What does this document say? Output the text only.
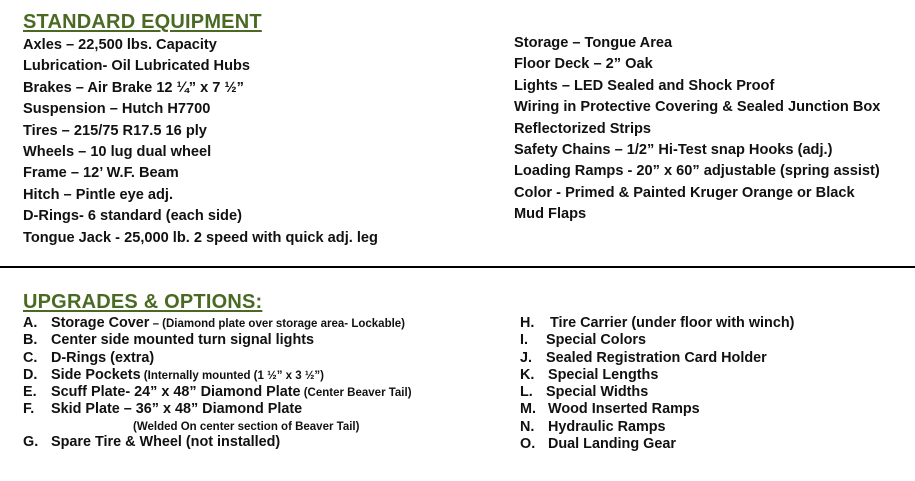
STANDARD EQUIPMENT
Axles – 22,500 lbs. Capacity
Lubrication- Oil Lubricated Hubs
Brakes – Air Brake 12 ¼” x 7 ½”
Suspension – Hutch H7700
Tires – 215/75 R17.5 16 ply
Wheels – 10 lug dual wheel
Frame – 12’ W.F. Beam
Hitch – Pintle eye adj.
D-Rings- 6 standard (each side)
Tongue Jack - 25,000 lb. 2 speed with quick adj. leg
Storage – Tongue Area
Floor Deck – 2” Oak
Lights – LED Sealed and Shock Proof
Wiring in Protective Covering & Sealed Junction Box
Reflectorized Strips
Safety Chains – 1/2” Hi-Test snap Hooks (adj.)
Loading Ramps - 20” x 60” adjustable (spring assist)
Color - Primed & Painted Kruger Orange or Black
Mud Flaps
UPGRADES & OPTIONS:
A. Storage Cover – (Diamond plate over storage area- Lockable)
B. Center side mounted turn signal lights
C. D-Rings (extra)
D. Side Pockets (Internally mounted (1 ½” x 3 ½”)
E. Scuff Plate- 24” x 48” Diamond Plate (Center Beaver Tail)
F. Skid Plate – 36” x 48” Diamond Plate
(Welded On center section of Beaver Tail)
G. Spare Tire & Wheel (not installed)
H. Tire Carrier (under floor with winch)
I. Special Colors
J. Sealed Registration Card Holder
K. Special Lengths
L. Special Widths
M. Wood Inserted Ramps
N. Hydraulic Ramps
O. Dual Landing Gear
